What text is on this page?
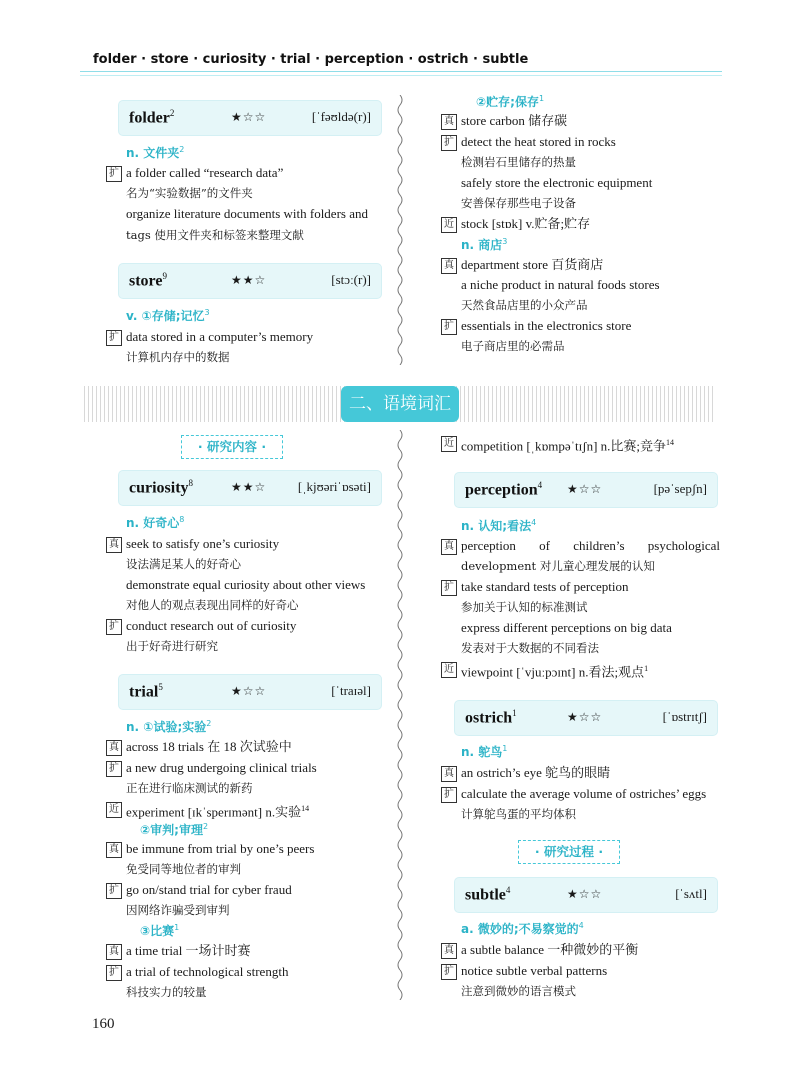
folder · store · curiosity · trial · perception · ostrich · subtle
folder$^2$	★☆☆	[ˈfəʊldə(r)]
n. 文件夹$^2$
扩 a folder called “research data”
名为“实验数据”的文件夹
organize literature documents with folders and
tags 使用文件夹和标签来整理文献
store$^9$	★★☆	[stɔː(r)]
v. ①存储;记忆$^3$
扩 data stored in a computer’s memory
计算机内存中的数据
②贮存;保存$^1$
真 store carbon 储存碳
扩 detect the heat stored in rocks
检测岩石里储存的热量
safely store the electronic equipment
安善保存那些电子设备
近 stock [stɒk] v.贮备;贮存
n. 商店$^3$
真 department store 百货商店
a niche product in natural foods stores
天然食品店里的小众产品
扩 essentials in the electronics store
电子商店里的必需品
二、语境词汇
· 研究内容 ·
curiosity$^8$	★★☆ [ˌkjʊəriˈɒsəti]
n. 好奇心$^8$
真 seek to satisfy one’s curiosity
设法满足某人的好奇心
demonstrate equal curiosity about other views
对他人的观点表现出同样的好奇心
扩 conduct research out of curiosity
出于好奇进行研究
trial$^5$	★☆☆	[ˈtraɪəl]
n. ①试验;实验$^2$
真 across 18 trials 在 18 次试验中
扩 a new drug undergoing clinical trials
正在进行临床测试的新药
近 experiment [ɪkˈsperɪmənt] n.实验$^{14}$
②审判;审理$^2$
真 be immune from trial by one’s peers
免受同等地位者的审判
扩 go on/stand trial for cyber fraud
因网络诈骗受到审判
③比赛$^1$
真 a time trial 一场计时赛
扩 a trial of technological strength
科技实力的较量
近 competition [ˌkɒmpəˈtɪʃn] n.比赛;竞争$^{14}$
perception$^4$ ★☆☆	[pəˈsepʃn]
n. 认知;看法$^4$
真 perception of children’s psychological
development 对儿童心理发展的认知
扩 take standard tests of perception
参加关于认知的标准测试
express different perceptions on big data
发表对于大数据的不同看法
近 viewpoint [ˈvjuːpɔɪnt] n.看法;观点$^1$
ostrich$^1$	★☆☆	[ˈɒstrɪtʃ]
n. 鸵鸟$^1$
真 an ostrich’s eye 鸵鸟的眼睛
扩 calculate the average volume of ostriches’ eggs
计算鸵鸟蛋的平均体积
· 研究过程 ·
subtle$^4$	★☆☆	[ˈsʌtl]
a. 微妙的;不易察觉的$^4$
真 a subtle balance 一种微妙的平衡
扩 notice subtle verbal patterns
注意到微妙的语言模式
160
